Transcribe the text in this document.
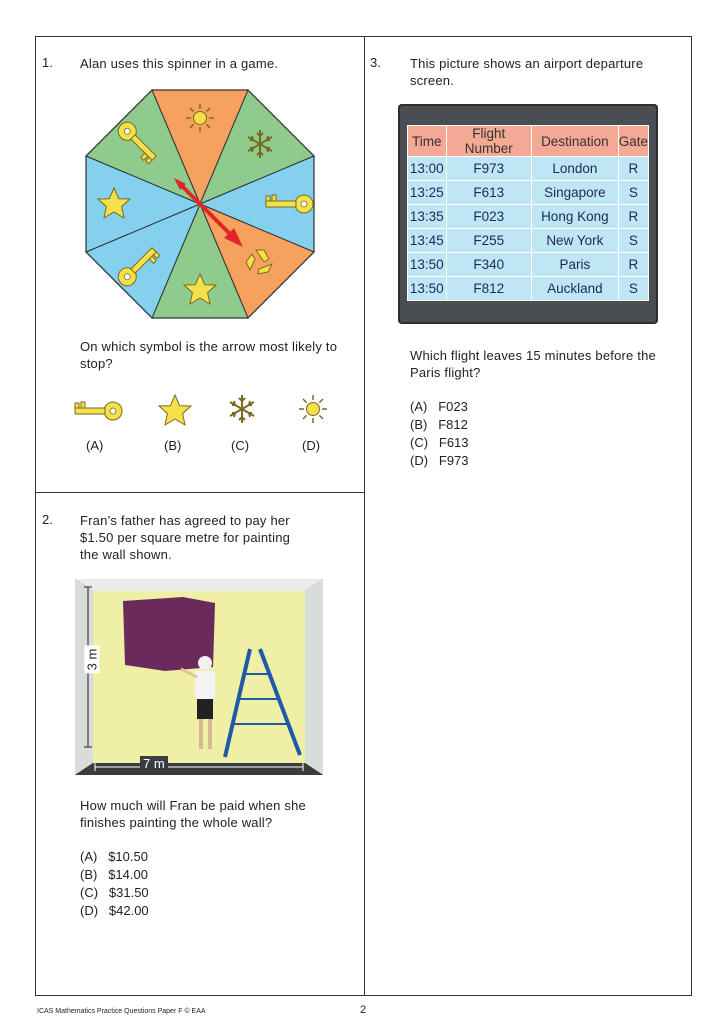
1. Alan uses this spinner in a game.
On which symbol is the arrow most likely to stop?
(A)	(B)	(C)	(D)
2. Fran’s father has agreed to pay her
$1.50 per square metre for painting
the wall shown.
3 m
7 m
How much will Fran be paid when she
finishes painting the whole wall?
(A) $10.50
(B) $14.00
(C) $31.50
(D) $42.00
3. This picture shows an airport departure
screen.
Time	Flight Number	Destination	Gate
13:00	F973	London	R
13:25	F613	Singapore	S
13:35	F023	Hong Kong	R
13:45	F255	New York	S
13:50	F340	Paris	R
13:50	F812	Auckland	S
Which flight leaves 15 minutes before the
Paris flight?
(A) F023
(B) F812
(C) F613
(D) F973
ICAS Mathematics Practice Questions Paper F © EAA	2
